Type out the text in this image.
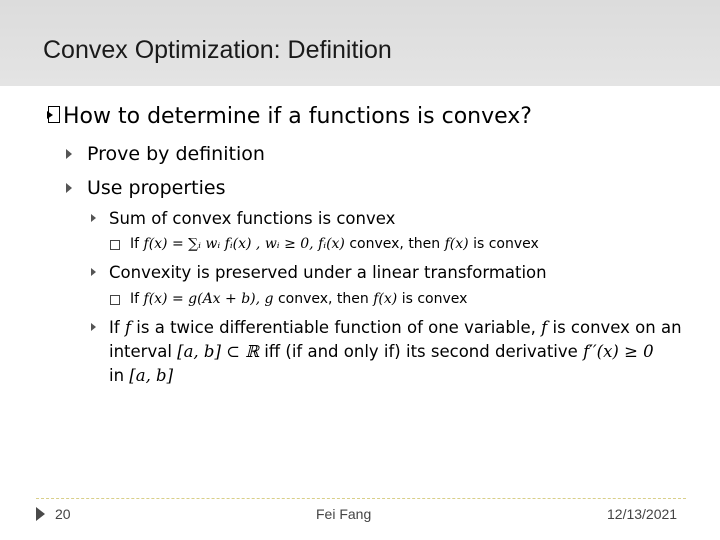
Convex Optimization: Definition
How to determine if a functions is convex?
Prove by definition
Use properties
Sum of convex functions is convex
If f(x) = ∑ᵢ wᵢ fᵢ(x) , wᵢ ≥ 0, fᵢ(x) convex, then f(x) is convex
Convexity is preserved under a linear transformation
If f(x) = g(Ax + b), g convex, then f(x) is convex
If f is a twice differentiable function of one variable, f is convex on an
interval [a, b] ⊂ ℝ iff (if and only if) its second derivative f′′(x) ≥ 0
in [a, b]
20	Fei Fang	12/13/2021
